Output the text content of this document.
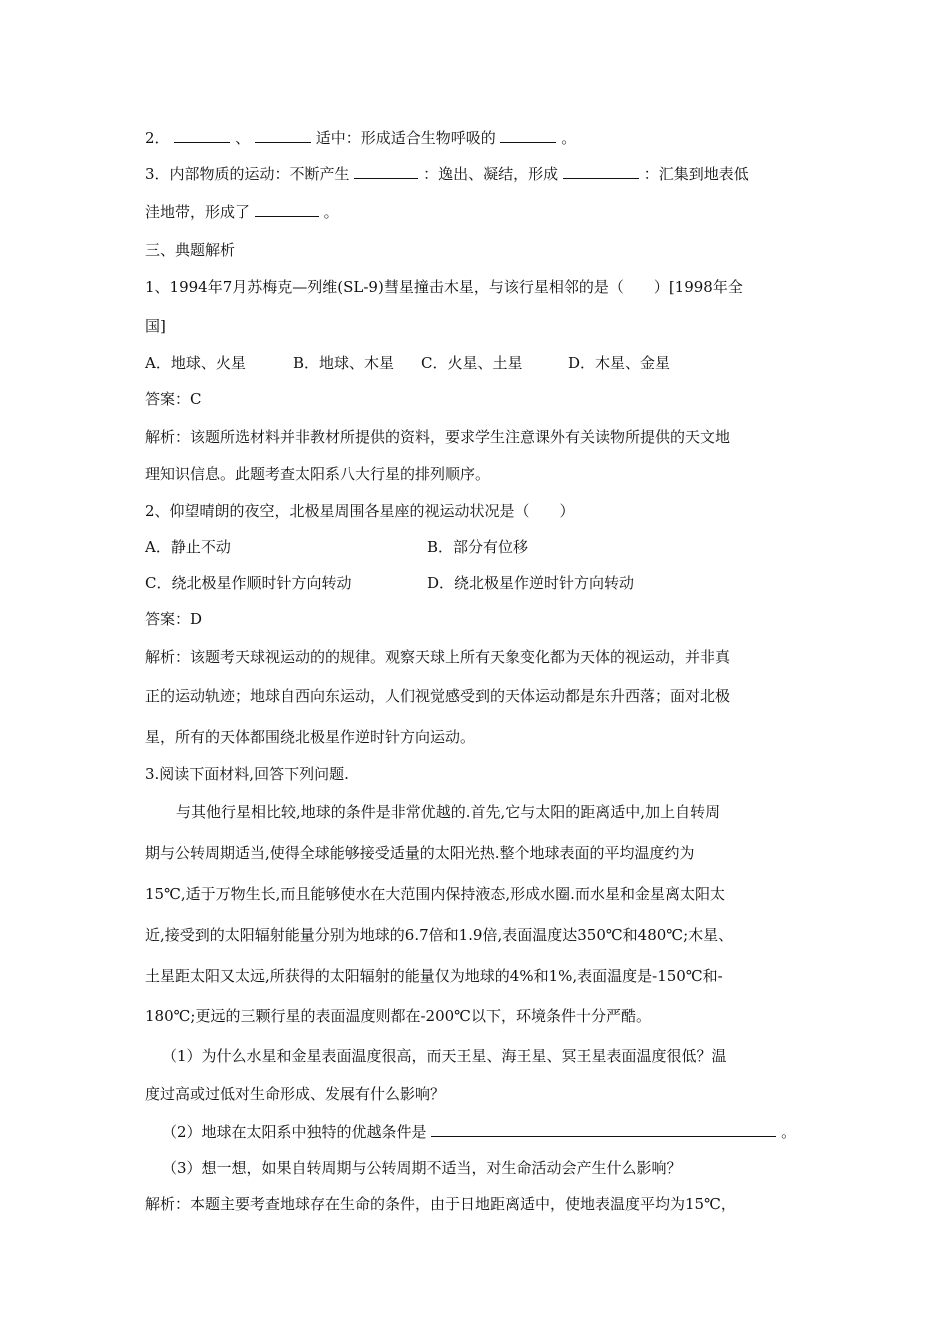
2．	、	适中：形成适合生物呼吸的	。
3．内部物质的运动：不断产生	：逸出、凝结，形成	：汇集到地表低
洼地带，形成了	。
三、典题解析
1、1994年7月苏梅克—列维(SL-9)彗星撞击木星，与该行星相邻的是（　　）[1998年全
国]
A．地球、火星	B．地球、木星 C．火星、土星	D．木星、金星
答案：C
解析：该题所选材料并非教材所提供的资料，要求学生注意课外有关读物所提供的天文地
理知识信息。此题考查太阳系八大行星的排列顺序。
2、仰望晴朗的夜空，北极星周围各星座的视运动状况是（　　）
A．静止不动	B．部分有位移
C．绕北极星作顺时针方向转动	D．绕北极星作逆时针方向转动
答案：D
解析：该题考天球视运动的的规律。观察天球上所有天象变化都为天体的视运动，并非真
正的运动轨迹；地球自西向东运动，人们视觉感受到的天体运动都是东升西落；面对北极
星，所有的天体都围绕北极星作逆时针方向运动。
3.阅读下面材料,回答下列问题.
与其他行星相比较,地球的条件是非常优越的.首先,它与太阳的距离适中,加上自转周
期与公转周期适当,使得全球能够接受适量的太阳光热.整个地球表面的平均温度约为
15℃,适于万物生长,而且能够使水在大范围内保持液态,形成水圈.而水星和金星离太阳太
近,接受到的太阳辐射能量分别为地球的6.7倍和1.9倍,表面温度达350℃和480℃;木星、
土星距太阳又太远,所获得的太阳辐射的能量仅为地球的4%和1%,表面温度是-150℃和-
180℃;更远的三颗行星的表面温度则都在-200℃以下，环境条件十分严酷。
（1）为什么水星和金星表面温度很高，而天王星、海王星、冥王星表面温度很低？温
度过高或过低对生命形成、发展有什么影响？
（2）地球在太阳系中独特的优越条件是	。
（3）想一想，如果自转周期与公转周期不适当，对生命活动会产生什么影响？
解析：本题主要考查地球存在生命的条件，由于日地距离适中，使地表温度平均为15℃，
